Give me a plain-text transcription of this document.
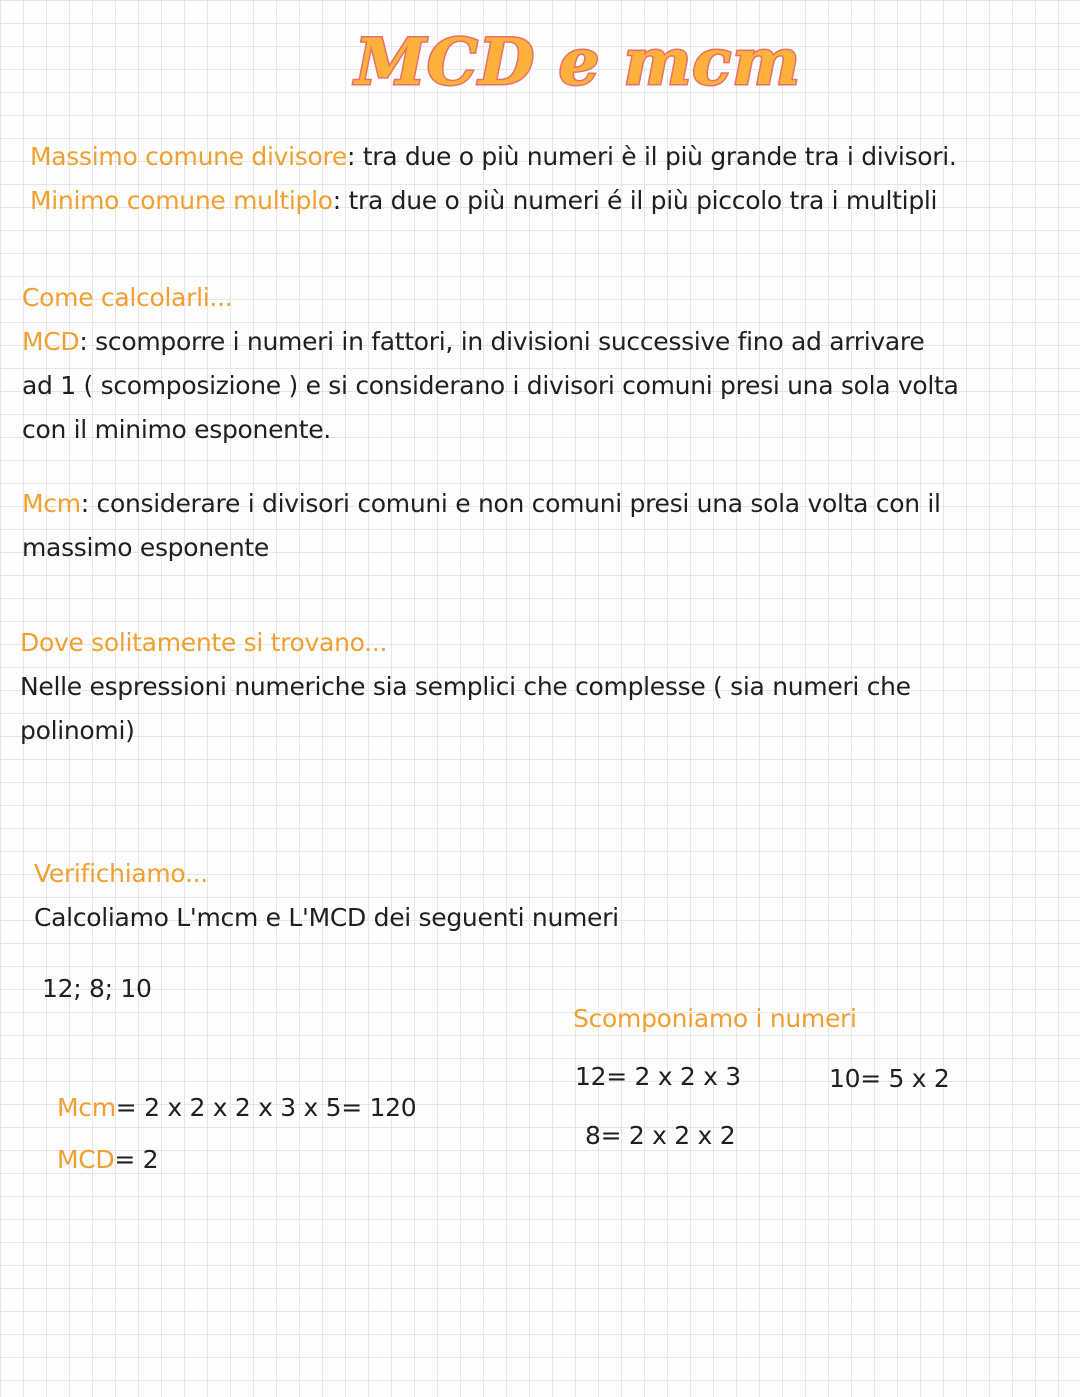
MCD e mcm
Massimo comune divisore: tra due o più numeri è il più grande tra i divisori.
Minimo comune multiplo: tra due o più numeri é il più piccolo tra i multipli
Come calcolarli...
MCD: scomporre i numeri in fattori, in divisioni successive fino ad arrivare
ad 1 ( scomposizione ) e si considerano i divisori comuni presi una sola volta
con il minimo esponente.
Mcm: considerare i divisori comuni e non comuni presi una sola volta con il
massimo esponente
Dove solitamente si trovano...
Nelle espressioni numeriche sia semplici che complesse ( sia numeri che
polinomi)
Verifichiamo...
Calcoliamo L'mcm e L'MCD dei seguenti numeri
12; 8; 10
Scomponiamo i numeri
12= 2 x 2 x 3	10= 5 x 2
8= 2 x 2 x 2
Mcm= 2 x 2 x 2 x 3 x 5= 120
MCD= 2
